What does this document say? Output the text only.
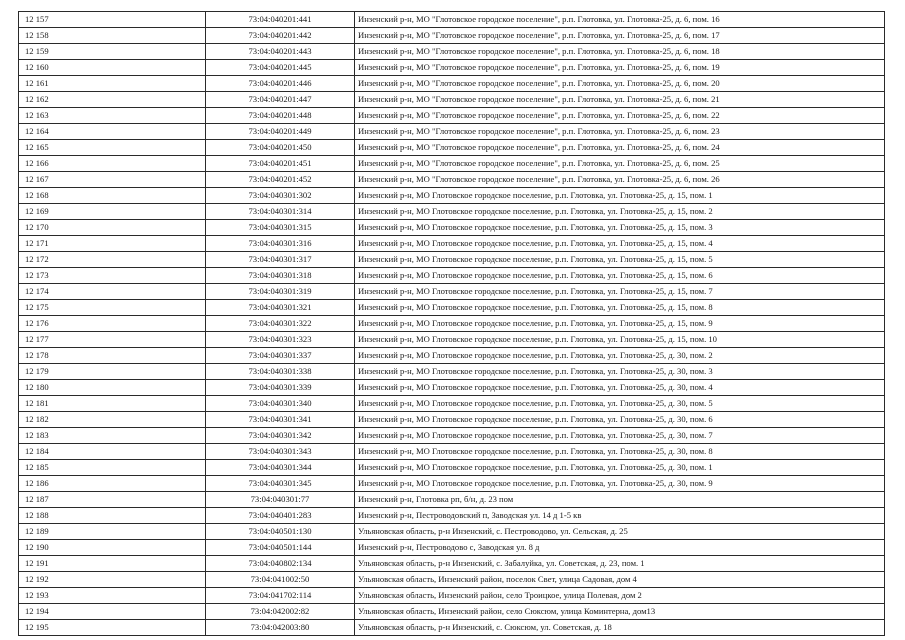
12 157	73:04:040201:441	Инзенский р-н, МО "Глотовское городское поселение", р.п. Глотовка, ул. Глотовка-25, д. 6, пом. 16
12 158	73:04:040201:442	Инзенский р-н, МО "Глотовское городское поселение", р.п. Глотовка, ул. Глотовка-25, д. 6, пом. 17
12 159	73:04:040201:443	Инзенский р-н, МО "Глотовское городское поселение", р.п. Глотовка, ул. Глотовка-25, д. 6, пом. 18
12 160	73:04:040201:445	Инзенский р-н, МО "Глотовское городское поселение", р.п. Глотовка, ул. Глотовка-25, д. 6, пом. 19
12 161	73:04:040201:446	Инзенский р-н, МО "Глотовское городское поселение", р.п. Глотовка, ул. Глотовка-25, д. 6, пом. 20
12 162	73:04:040201:447	Инзенский р-н, МО "Глотовское городское поселение", р.п. Глотовка, ул. Глотовка-25, д. 6, пом. 21
12 163	73:04:040201:448	Инзенский р-н, МО "Глотовское городское поселение", р.п. Глотовка, ул. Глотовка-25, д. 6, пом. 22
12 164	73:04:040201:449	Инзенский р-н, МО "Глотовское городское поселение", р.п. Глотовка, ул. Глотовка-25, д. 6, пом. 23
12 165	73:04:040201:450	Инзенский р-н, МО "Глотовское городское поселение", р.п. Глотовка, ул. Глотовка-25, д. 6, пом. 24
12 166	73:04:040201:451	Инзенский р-н, МО "Глотовское городское поселение", р.п. Глотовка, ул. Глотовка-25, д. 6, пом. 25
12 167	73:04:040201:452	Инзенский р-н, МО "Глотовское городское поселение", р.п. Глотовка, ул. Глотовка-25, д. 6, пом. 26
12 168	73:04:040301:302	Инзенский р-н, МО Глотовское городское поселение, р.п. Глотовка, ул. Глотовка-25, д. 15, пом. 1
12 169	73:04:040301:314	Инзенский р-н, МО Глотовское городское поселение, р.п. Глотовка, ул. Глотовка-25, д. 15, пом. 2
12 170	73:04:040301:315	Инзенский р-н, МО Глотовское городское поселение, р.п. Глотовка, ул. Глотовка-25, д. 15, пом. 3
12 171	73:04:040301:316	Инзенский р-н, МО Глотовское городское поселение, р.п. Глотовка, ул. Глотовка-25, д. 15, пом. 4
12 172	73:04:040301:317	Инзенский р-н, МО Глотовское городское поселение, р.п. Глотовка, ул. Глотовка-25, д. 15, пом. 5
12 173	73:04:040301:318	Инзенский р-н, МО Глотовское городское поселение, р.п. Глотовка, ул. Глотовка-25, д. 15, пом. 6
12 174	73:04:040301:319	Инзенский р-н, МО Глотовское городское поселение, р.п. Глотовка, ул. Глотовка-25, д. 15, пом. 7
12 175	73:04:040301:321	Инзенский р-н, МО Глотовское городское поселение, р.п. Глотовка, ул. Глотовка-25, д. 15, пом. 8
12 176	73:04:040301:322	Инзенский р-н, МО Глотовское городское поселение, р.п. Глотовка, ул. Глотовка-25, д. 15, пом. 9
12 177	73:04:040301:323	Инзенский р-н, МО Глотовское городское поселение, р.п. Глотовка, ул. Глотовка-25, д. 15, пом. 10
12 178	73:04:040301:337	Инзенский р-н, МО Глотовское городское поселение, р.п. Глотовка, ул. Глотовка-25, д. 30, пом. 2
12 179	73:04:040301:338	Инзенский р-н, МО Глотовское городское поселение, р.п. Глотовка, ул. Глотовка-25, д. 30, пом. 3
12 180	73:04:040301:339	Инзенский р-н, МО Глотовское городское поселение, р.п. Глотовка, ул. Глотовка-25, д. 30, пом. 4
12 181	73:04:040301:340	Инзенский р-н, МО Глотовское городское поселение, р.п. Глотовка, ул. Глотовка-25, д. 30, пом. 5
12 182	73:04:040301:341	Инзенский р-н, МО Глотовское городское поселение, р.п. Глотовка, ул. Глотовка-25, д. 30, пом. 6
12 183	73:04:040301:342	Инзенский р-н, МО Глотовское городское поселение, р.п. Глотовка, ул. Глотовка-25, д. 30, пом. 7
12 184	73:04:040301:343	Инзенский р-н, МО Глотовское городское поселение, р.п. Глотовка, ул. Глотовка-25, д. 30, пом. 8
12 185	73:04:040301:344	Инзенский р-н, МО Глотовское городское поселение, р.п. Глотовка, ул. Глотовка-25, д. 30, пом. 1
12 186	73:04:040301:345	Инзенский р-н, МО Глотовское городское поселение, р.п. Глотовка, ул. Глотовка-25, д. 30, пом. 9
12 187	73:04:040301:77	Инзенский р-н, Глотовка рп, б/н, д. 23 пом
12 188	73:04:040401:283	Инзенский р-н, Пестроводовский п, Заводская ул. 14 д 1-5 кв
12 189	73:04:040501:130	Ульяновская область, р-н Инзенский, с. Пестроводово, ул. Сельская, д. 25
12 190	73:04:040501:144	Инзенский р-н, Пестроводово с, Заводская ул. 8 д
12 191	73:04:040802:134	Ульяновская область, р-н Инзенский, с. Забалуйка, ул. Советская, д. 23, пом. 1
12 192	73:04:041002:50	Ульяновская область, Инзенский район, поселок Свет, улица Садовая, дом 4
12 193	73:04:041702:114	Ульяновская область, Инзенский район, село Троицкое, улица Полевая, дом 2
12 194	73:04:042002:82	Ульяновская область, Инзенский район, село Сюксюм, улица Коминтерна, дом13
12 195	73:04:042003:80	Ульяновская область, р-н Инзенский, с. Сюксюм, ул. Советская, д. 18
